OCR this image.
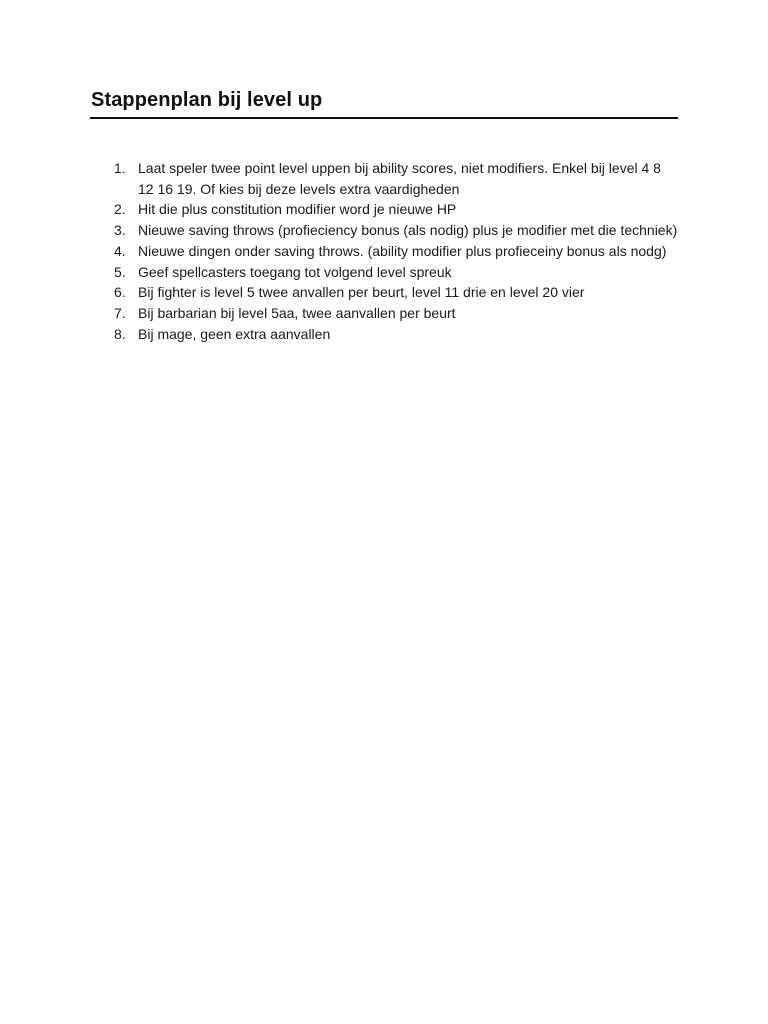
Stappenplan bij level up
1. Laat speler twee point level uppen bij ability scores, niet modifiers. Enkel bij level 4 8 12 16 19. Of kies bij deze levels extra vaardigheden
2. Hit die plus constitution modifier word je nieuwe HP
3. Nieuwe saving throws (profieciency bonus (als nodig) plus je modifier met die techniek)
4. Nieuwe dingen onder saving throws. (ability modifier plus profieceiny bonus als nodg)
5. Geef spellcasters toegang tot volgend level spreuk
6. Bij fighter is level 5 twee anvallen per beurt, level 11 drie en level 20 vier
7. Bij barbarian bij level 5aa, twee aanvallen per beurt
8. Bij mage, geen extra aanvallen
